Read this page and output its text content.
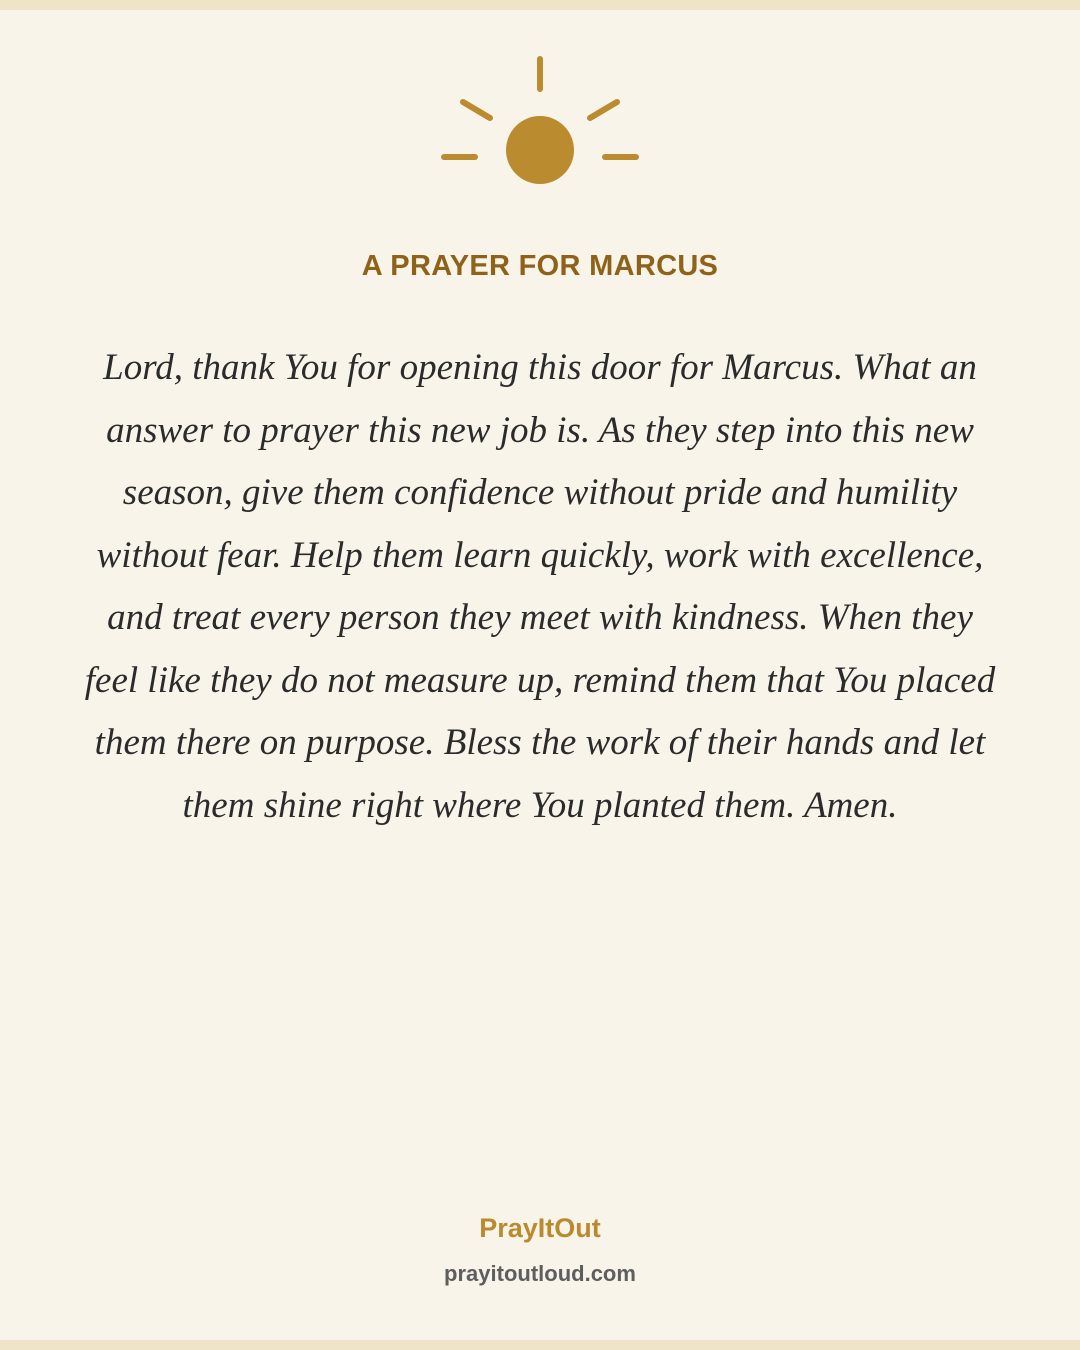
A PRAYER FOR MARCUS

Lord, thank You for opening this door for Marcus. What an answer to prayer this new job is. As they step into this new season, give them confidence without pride and humility without fear. Help them learn quickly, work with excellence, and treat every person they meet with kindness. When they feel like they do not measure up, remind them that You placed them there on purpose. Bless the work of their hands and let them shine right where You planted them. Amen.

PrayItOut
prayitoutloud.com
